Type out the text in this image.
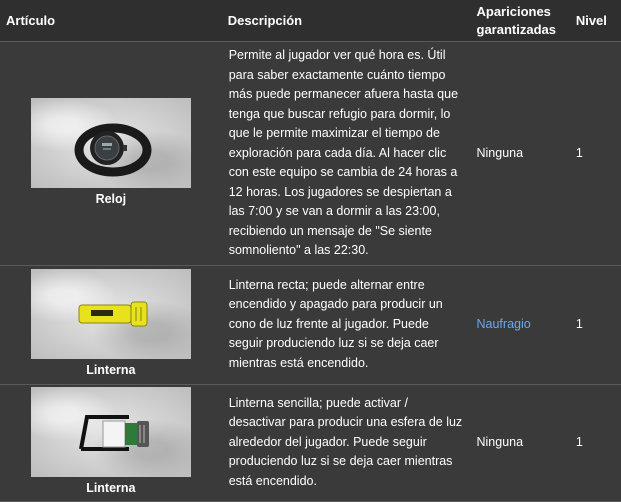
Artículo	Descripción	Apariciones garantizadas	Nivel

Reloj	Permite al jugador ver qué hora es. Útil para saber exactamente cuánto tiempo más puede permanecer afuera hasta que tenga que buscar refugio para dormir, lo que le permite maximizar el tiempo de exploración para cada día. Al hacer clic con este equipo se cambia de 24 horas a 12 horas. Los jugadores se despiertan a las 7:00 y se van a dormir a las 23:00, recibiendo un mensaje de "Se siente somnoliento" a las 22:30.	Ninguna	1

Linterna	Linterna recta; puede alternar entre encendido y apagado para producir un cono de luz frente al jugador. Puede seguir produciendo luz si se deja caer mientras está encendido.	Naufragio	1

Linterna	Linterna sencilla; puede activar / desactivar para producir una esfera de luz alrededor del jugador. Puede seguir produciendo luz si se deja caer mientras está encendido.	Ninguna	1
